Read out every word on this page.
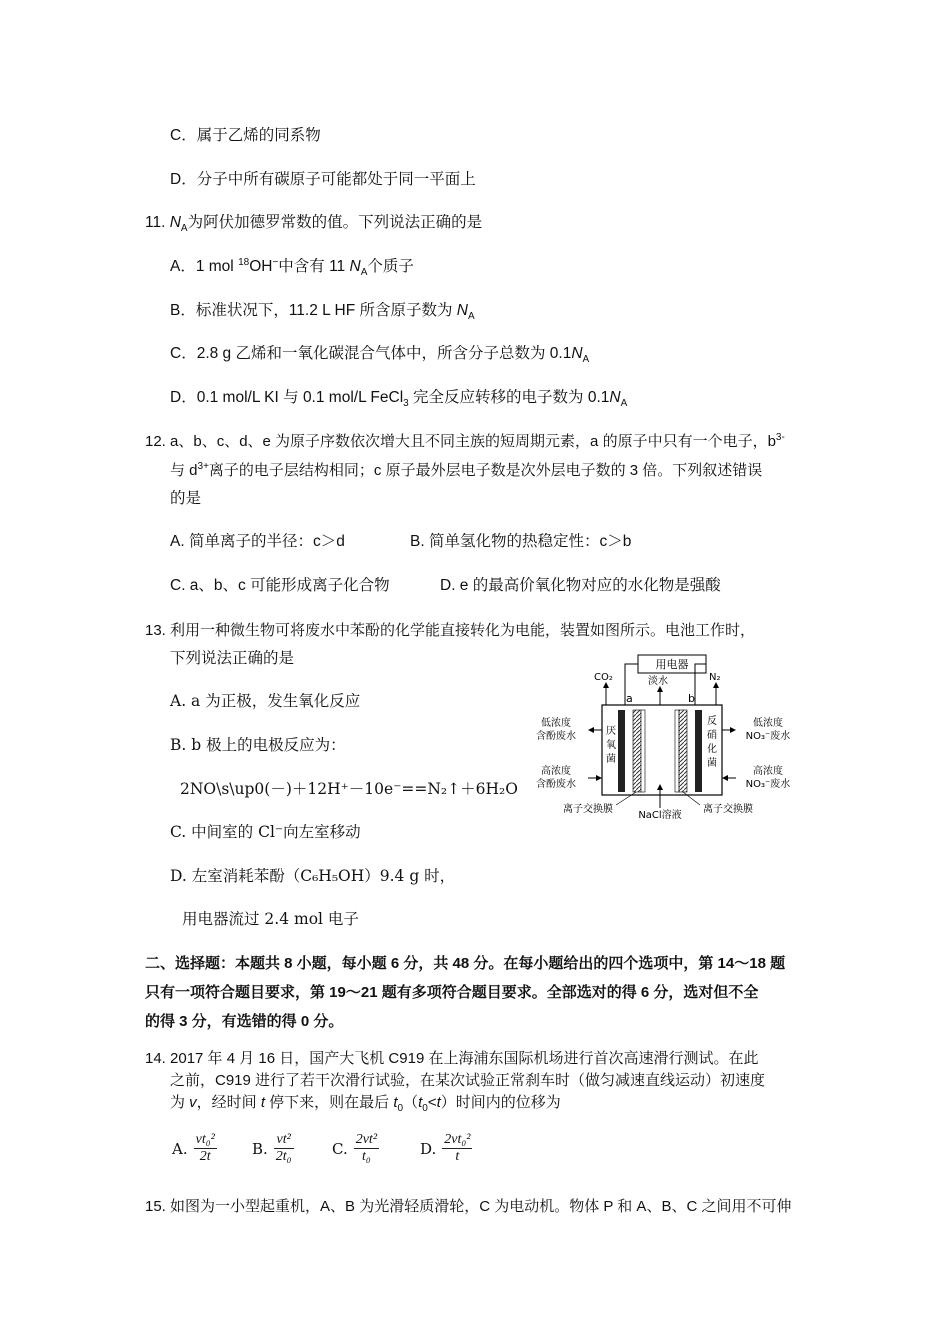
C．属于乙烯的同系物
D．分子中所有碳原子可能都处于同一平面上
11. $N_A$为阿伏加德罗常数的值。下列说法正确的是
A．1 mol $^{18}$OH−中含有 11 $N_A$个质子
B．标准状况下，11.2 L HF 所含原子数为 $N_A$
C．2.8 g 乙烯和一氧化碳混合气体中，所含分子总数为 $0.1N_A$
D．0.1 mol/L KI 与 0.1 mol/L FeCl$_3$ 完全反应转移的电子数为 $0.1N_A$
12. a、b、c、d、e 为原子序数依次增大且不同主族的短周期元素，a 的原子中只有一个电子，$b^{3-}$
与 $d^{3+}$离子的电子层结构相同；c 原子最外层电子数是次外层电子数的 3 倍。下列叙述错误
的是
A. 简单离子的半径：c＞d	B. 简单氢化物的热稳定性：c＞b
C. a、b、c 可能形成离子化合物	D. e 的最高价氧化物对应的水化物是强酸
13. 利用一种微生物可将废水中苯酚的化学能直接转化为电能，装置如图所示。电池工作时，
下列说法正确的是
A. a 为正极，发生氧化反应
B. b 极上的电极反应为：
2NO\s\up0(－)＋12H⁺－10e⁻==N₂↑＋6H₂O
C. 中间室的 Cl⁻向左室移动
D. 左室消耗苯酚（C₆H₅OH）9.4 g 时，
用电器流过 2.4 mol 电子
用电器
a	b
CO₂	淡水	N₂
低浓度
含酚废水
高浓度
含酚废水
低浓度
NO₃⁻废水
高浓度
NO₃⁻废水
厌
氧
菌
反
硝
化
菌
离子交换膜
NaCl溶液
离子交换膜
二、选择题：本题共 8 小题，每小题 6 分，共 48 分。在每小题给出的四个选项中，第 14～18 题
只有一项符合题目要求，第 19～21 题有多项符合题目要求。全部选对的得 6 分，选对但不全
的得 3 分，有选错的得 0 分。
14. 2017 年 4 月 16 日，国产大飞机 C919 在上海浦东国际机场进行首次高速滑行测试。在此
之前，C919 进行了若干次滑行试验，在某次试验正常刹车时（做匀减速直线运动）初速度
为 v，经时间 t 停下来，则在最后 $t_0(t_0<t)$时间内的位移为
A. $\frac{\text{vt₀²}}{2t} B$. $\frac{\text{vt²}}{\text{2t₀}}$	C. $\frac{\text{2vt²}}{\text{t₀}}$	D. $\frac{\text{2vt₀²}}{t}$
15. 如图为一小型起重机，A、B 为光滑轻质滑轮，C 为电动机。物体 P 和 A、B、C 之间用不可伸
